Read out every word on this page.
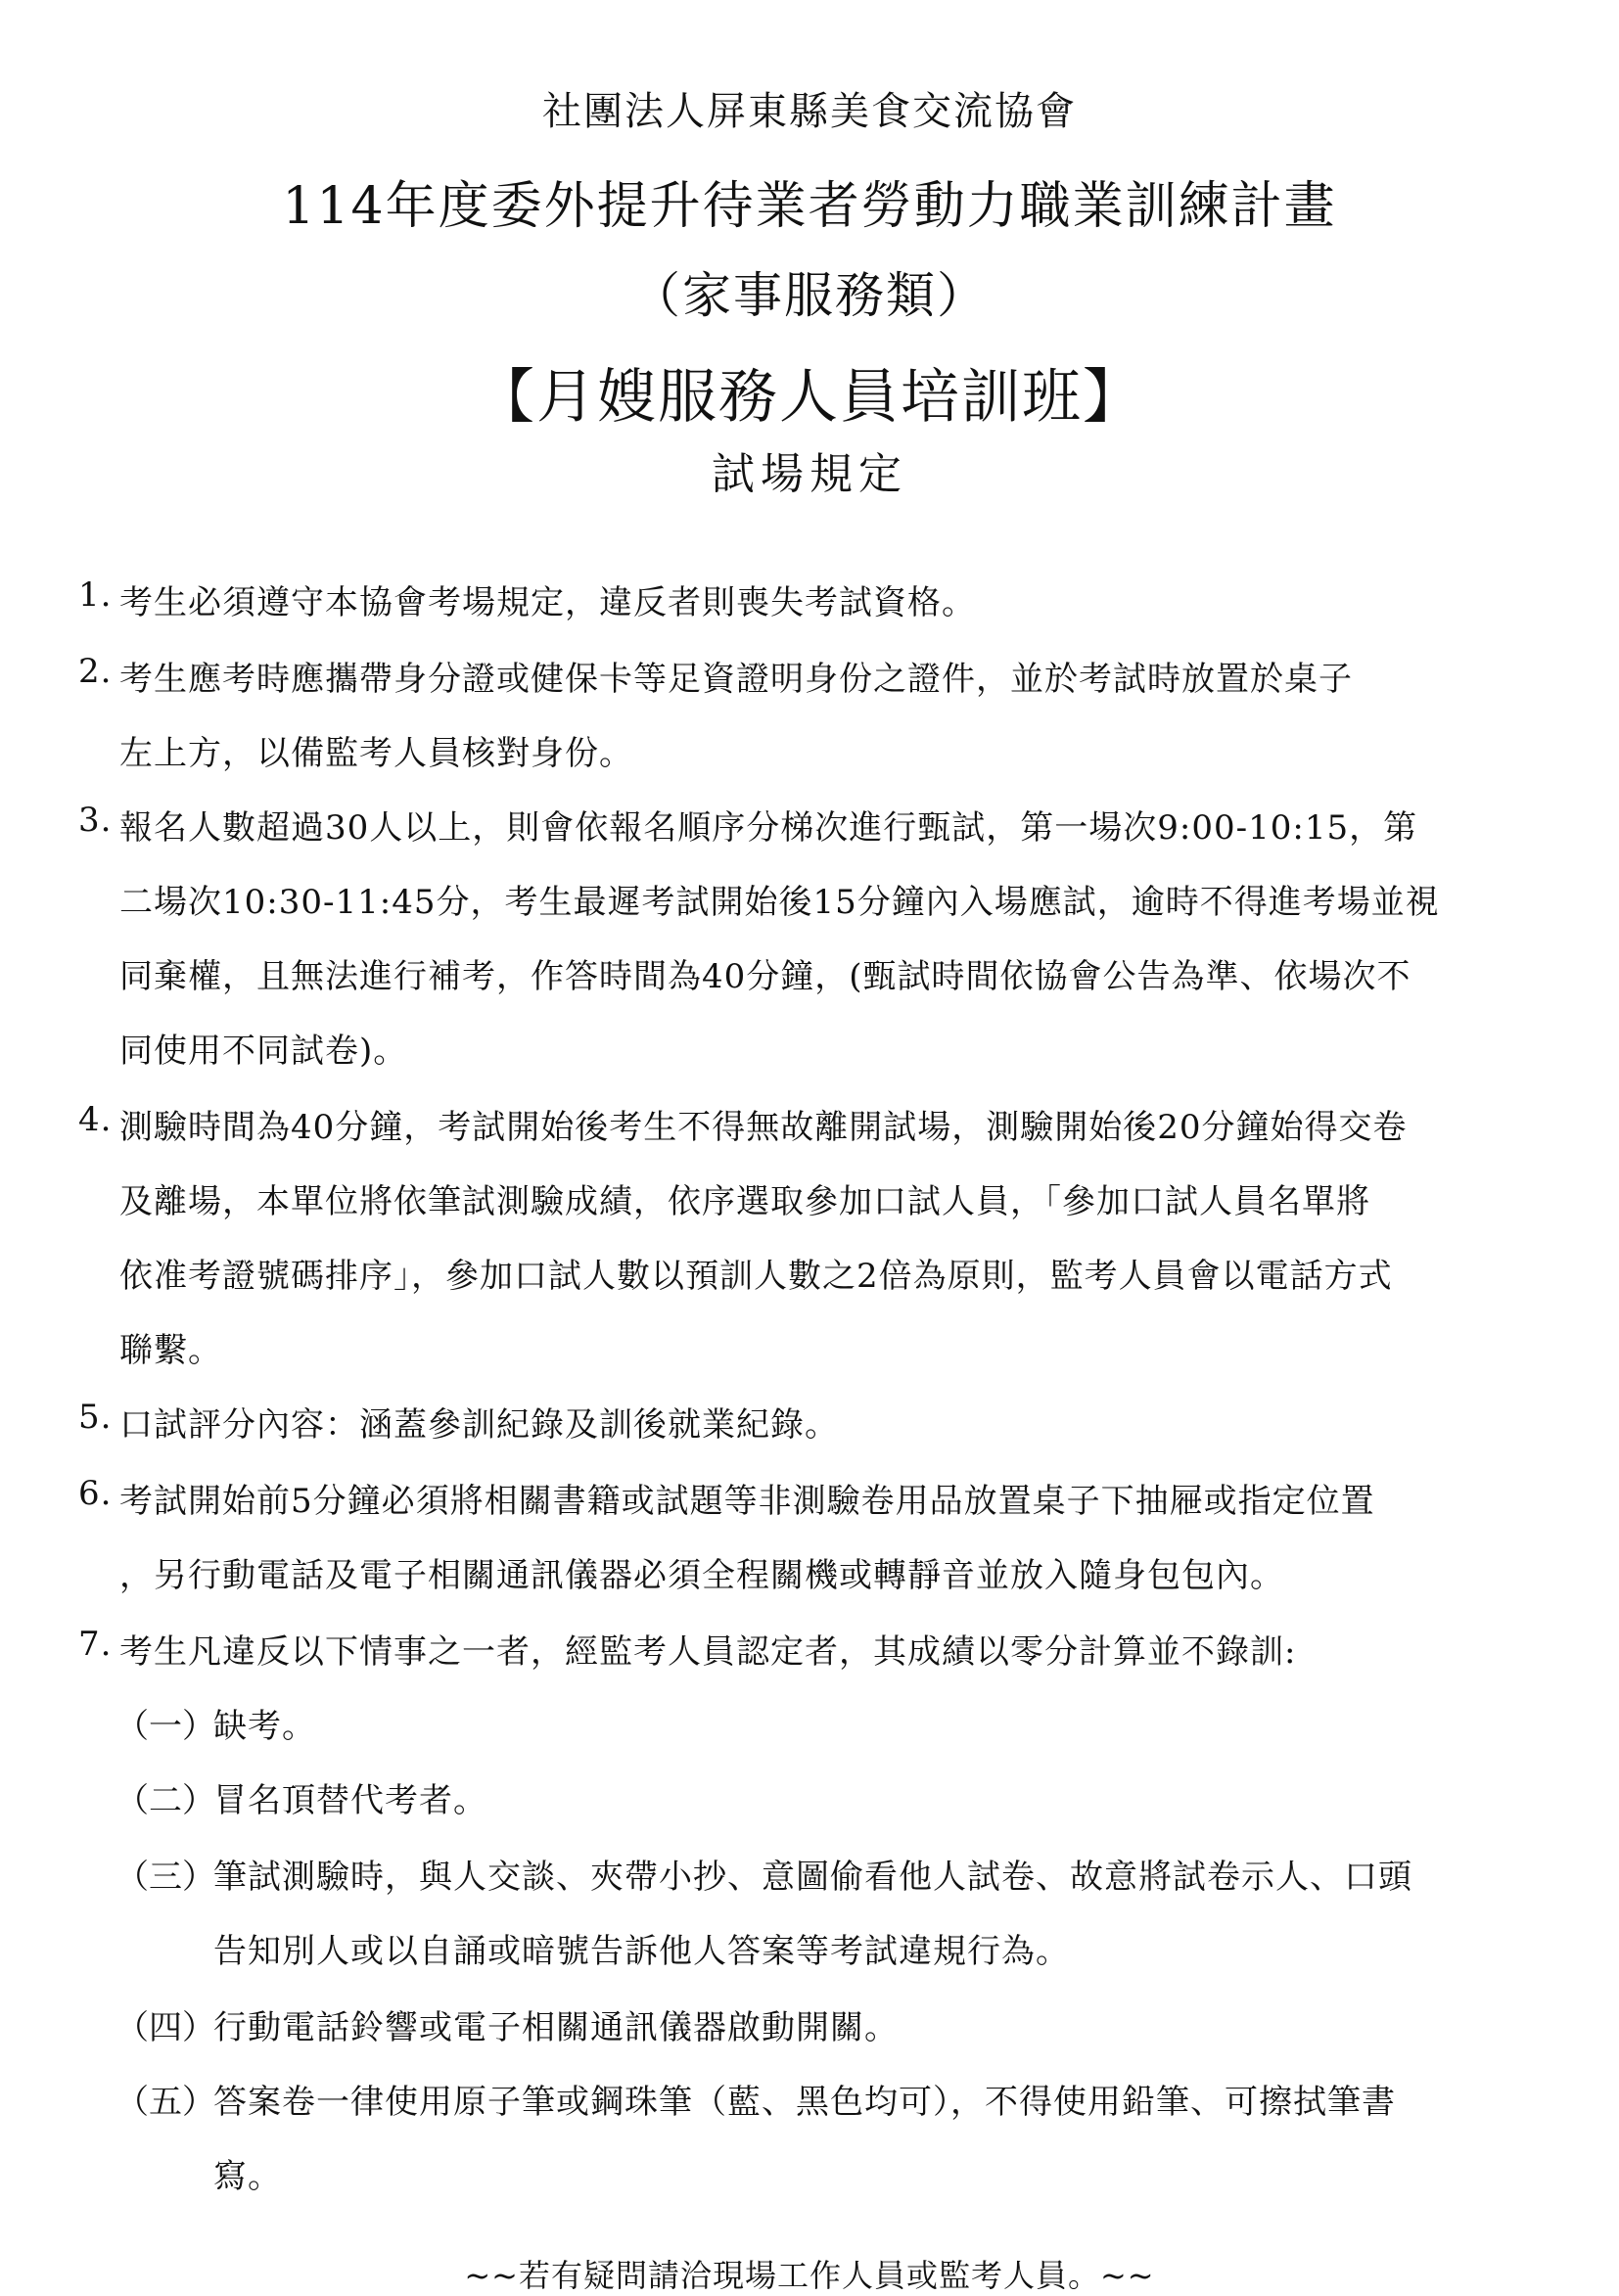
社團法人屏東縣美食交流協會
114年度委外提升待業者勞動力職業訓練計畫
（家事服務類）
【月嫂服務人員培訓班】
試場規定
1. 考生必須遵守本協會考場規定，違反者則喪失考試資格。
2. 考生應考時應攜帶身分證或健保卡等足資證明身份之證件，並於考試時放置於桌子
左上方，以備監考人員核對身份。
3. 報名人數超過30人以上，則會依報名順序分梯次進行甄試，第一場次9:00-10:15，第
二場次10:30-11:45分，考生最遲考試開始後15分鐘內入場應試，逾時不得進考場並視
同棄權，且無法進行補考，作答時間為40分鐘，(甄試時間依協會公告為準、依場次不
同使用不同試卷)。
4. 測驗時間為40分鐘，考試開始後考生不得無故離開試場，測驗開始後20分鐘始得交卷
及離場，本單位將依筆試測驗成績，依序選取參加口試人員，「參加口試人員名單將
依准考證號碼排序」，參加口試人數以預訓人數之2倍為原則，監考人員會以電話方式
聯繫。
5. 口試評分內容：涵蓋參訓紀錄及訓後就業紀錄。
6. 考試開始前5分鐘必須將相關書籍或試題等非測驗卷用品放置桌子下抽屜或指定位置
，另行動電話及電子相關通訊儀器必須全程關機或轉靜音並放入隨身包包內。
7. 考生凡違反以下情事之一者，經監考人員認定者，其成績以零分計算並不錄訓:
（一）
缺考。
（二）
冒名頂替代考者。
（三）
筆試測驗時，與人交談、夾帶小抄、意圖偷看他人試卷、故意將試卷示人、口頭
告知別人或以自誦或暗號告訴他人答案等考試違規行為。
（四）
行動電話鈴響或電子相關通訊儀器啟動開關。
（五）
答案卷一律使用原子筆或鋼珠筆（藍、黑色均可），不得使用鉛筆、可擦拭筆書
寫。
~~若有疑問請洽現場工作人員或監考人員。~~
